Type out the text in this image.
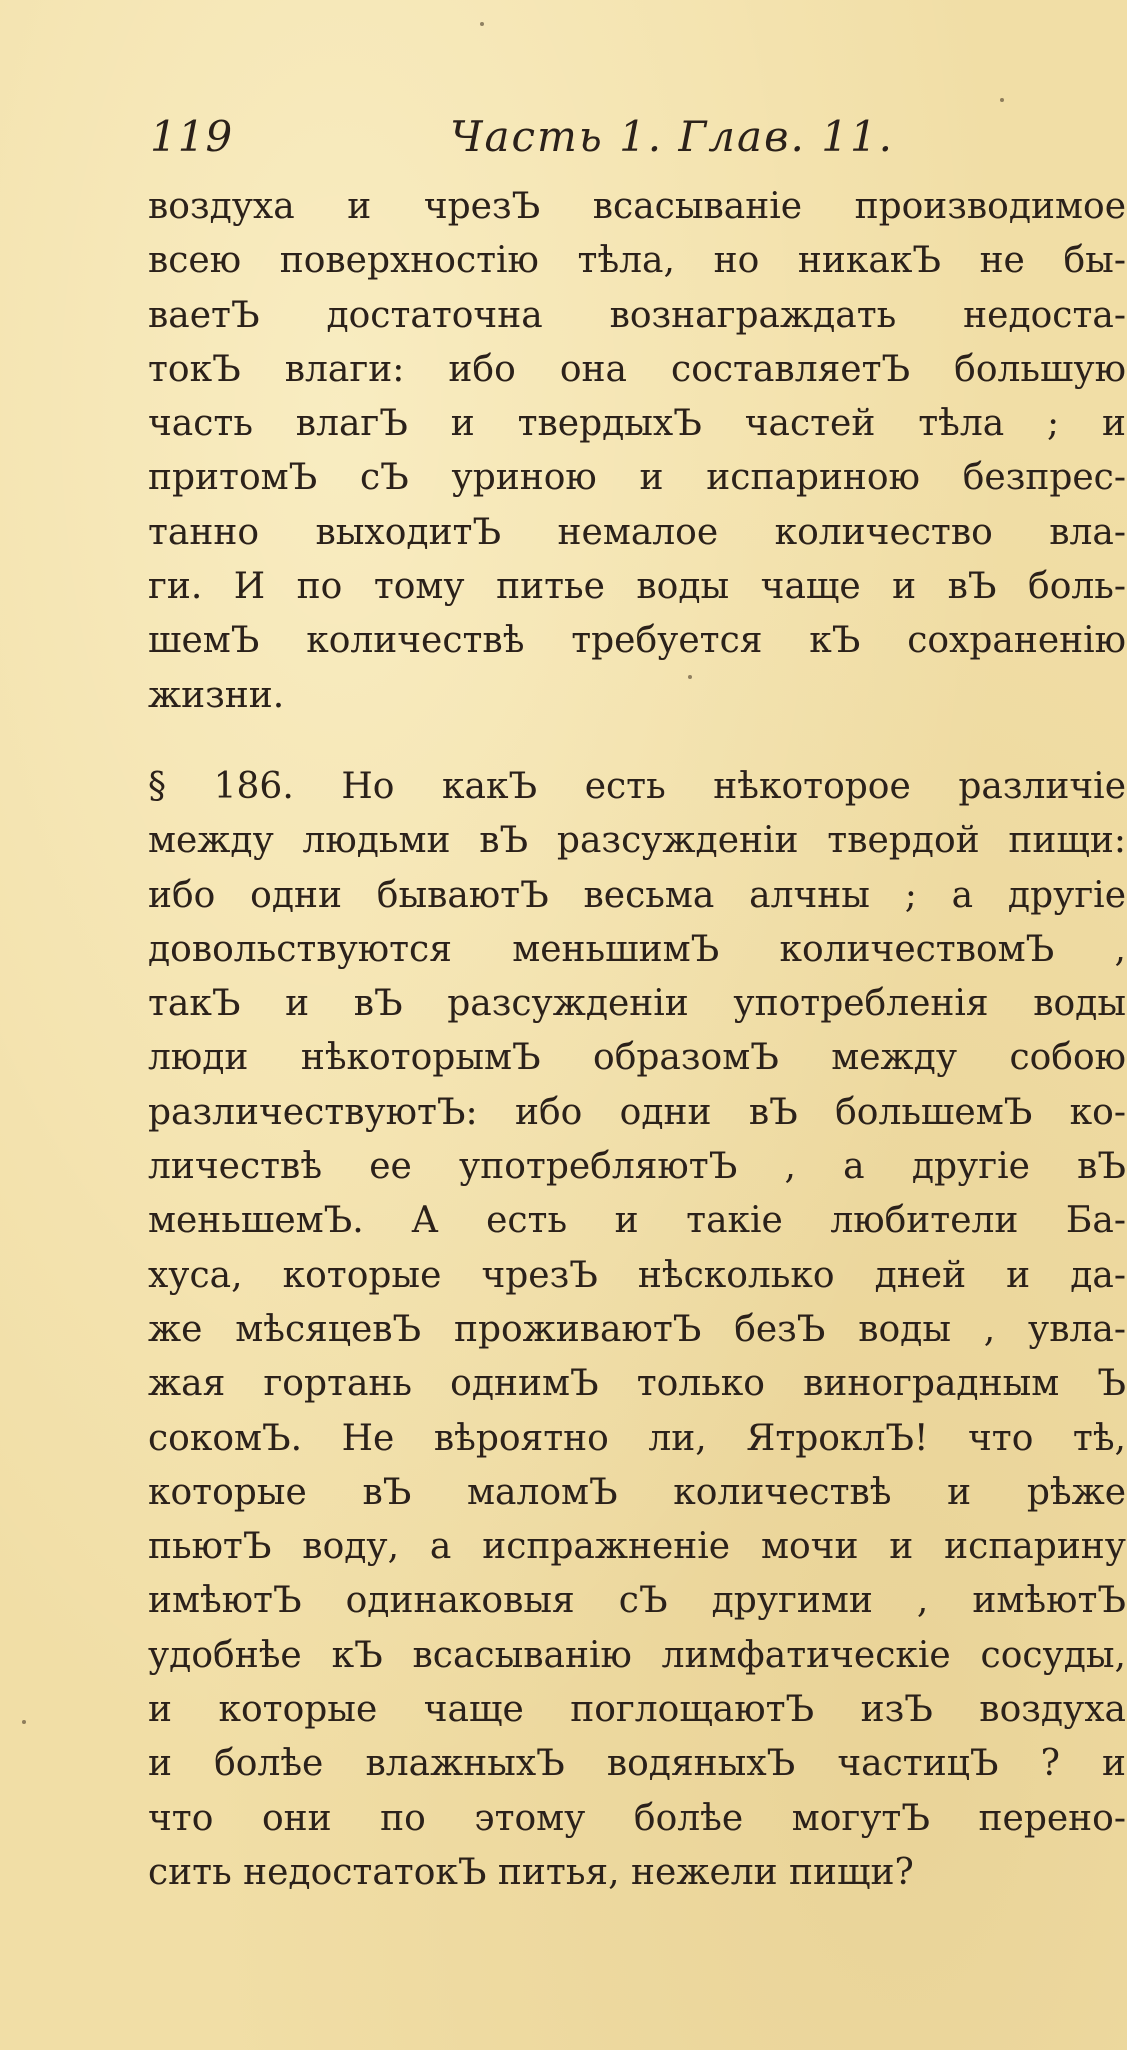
119	Часть 1. Глав. 11.
воздуха и чрезЪ всасываніе производимое
всею поверхностію тѣла, но никакЪ не бы-
ваетЪ достаточна вознаграждать недоста-
токЪ влаги: ибо она составляетЪ большую
часть влагЪ и твердыхЪ частей тѣла ; и
притомЪ сЪ уриною и испариною безпрес-
танно выходитЪ немалое количество вла-
ги. И по тому питье воды чаще и вЪ боль-
шемЪ количествѣ требуется кЪ сохраненію
жизни.
§ 186. Но какЪ есть нѣкоторое различіе
между людьми вЪ разсужденіи твердой пищи:
ибо одни бываютЪ весьма алчны ; а другіе
довольствуются меньшимЪ количествомЪ ,
такЪ и вЪ разсужденіи употребленія воды
люди нѣкоторымЪ образомЪ между собою
различествуютЪ: ибо одни вЪ большемЪ ко-
личествѣ ее употребляютЪ , а другіе вЪ
меньшемЪ. А есть и такіе любители Ба-
хуса, которые чрезЪ нѣсколько дней и да-
же мѣсяцевЪ проживаютЪ безЪ воды , увла-
жая гортань однимЪ только виноградным Ъ
сокомЪ. Не вѣроятно ли, ЯтроклЪ! что тѣ,
которые вЪ маломЪ количествѣ и рѣже
пьютЪ воду, а испражненіе мочи и испарину
имѣютЪ одинаковыя сЪ другими , имѣютЪ
удобнѣе кЪ всасыванію лимфатическіе сосуды,
и которые чаще поглощаютЪ изЪ воздуха
и болѣе влажныхЪ водяныхЪ частицЪ ? и
что они по этому болѣе могутЪ перено-
сить недостатокЪ питья, нежели пищи?
